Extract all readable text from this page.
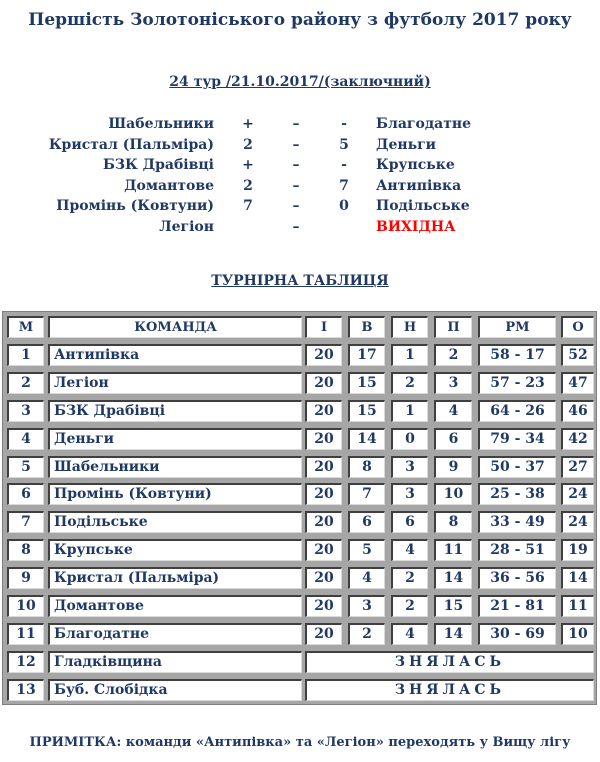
Першість Золотоніського району з футболу 2017 року
24 тур /21.10.2017/(заключний)
Шабельники +	–	-	Благодатне
Кристал (Пальміра) 2	–	5 Деньги
БЗК Драбівці +	–	-	Крупське
Домантове 2	–	7 Антипівка
Промінь (Ковтуни) 7	–	0 Подільське
Легіон	–	ВИХІДНА
ТУРНІРНА ТАБЛИЦЯ
М	КОМАНДА	І	В	Н	П	РМ	О
1	Антипівка	20	17	1	2	58 - 17	52
2	Легіон	20	15	2	3	57 - 23	47
3	БЗК Драбівці	20	15	1	4	64 - 26	46
4	Деньги	20	14	0	6	79 - 34	42
5	Шабельники	20	8	3	9	50 - 37	27
6	Промінь (Ковтуни)	20	7	3	10	25 - 38	24
7	Подільське	20	6	6	8	33 - 49	24
8	Крупське	20	5	4	11	28 - 51	19
9	Кристал (Пальміра)	20	4	2	14	36 - 56	14
10	Домантове	20	3	2	15	21 - 81	11
11	Благодатне	20	2	4	14	30 - 69	10
12	Гладківщина	ЗНЯЛАСЬ
13	Буб. Слобідка	ЗНЯЛАСЬ
ПРИМІТКА: команди «Антипівка» та «Легіон» переходять у Вищу лігу
